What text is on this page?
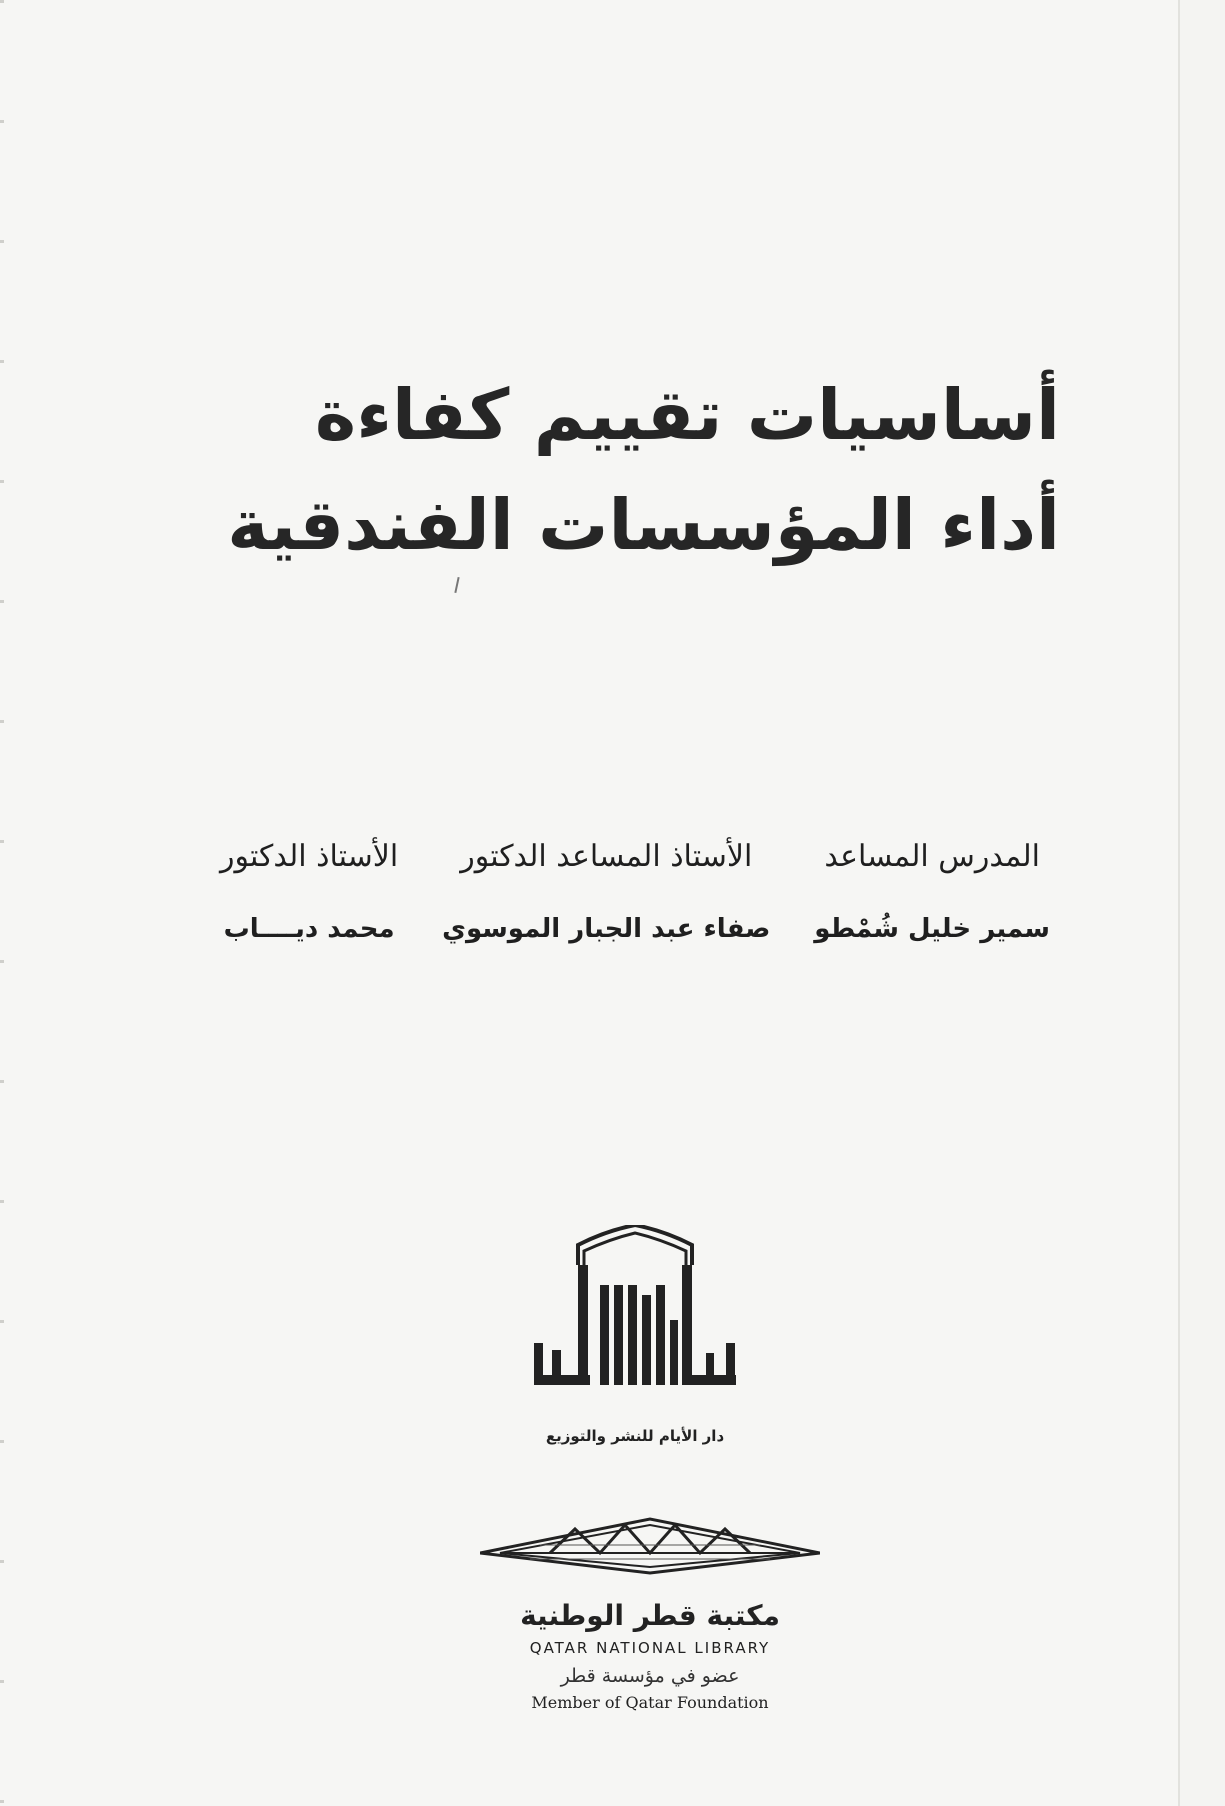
أساسيات تقييم كفاءة
أداء المؤسسات الفندقية
الأستاذ الدكتور
محمد ديــــاب
الأستاذ المساعد الدكتور
صفاء عبد الجبار الموسوي
المدرس المساعد
سمير خليل شُمْطو
دار الأيام للنشر والتوزيع
مكتبة قطر الوطنية
QATAR NATIONAL LIBRARY
عضو في مؤسسة قطر
Member of Qatar Foundation
